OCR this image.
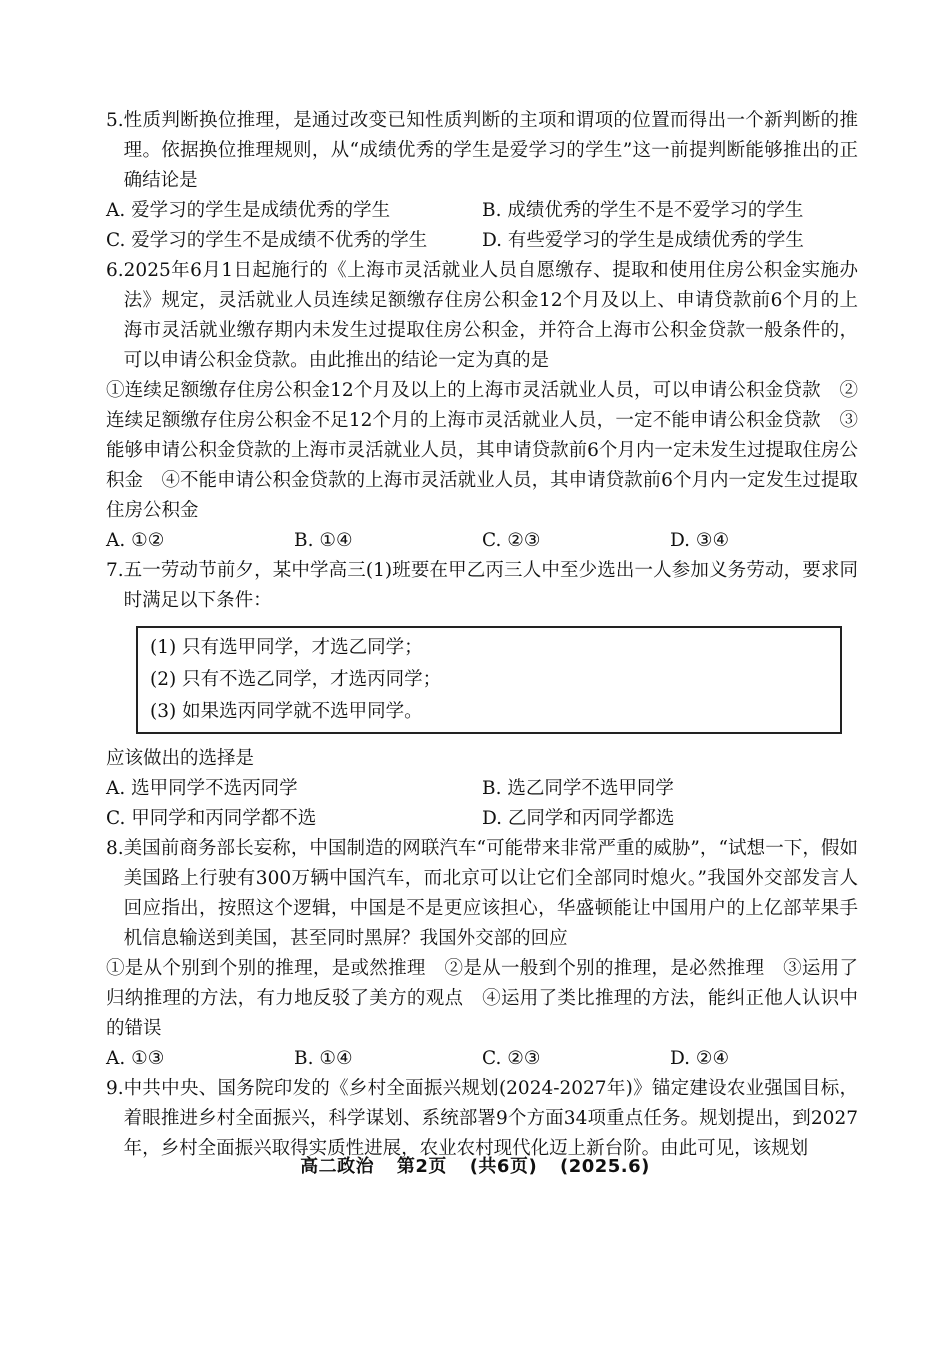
5. 性质判断换位推理，是通过改变已知性质判断的主项和谓项的位置而得出一个新判断的推理。依据换位推理规则，从“成绩优秀的学生是爱学习的学生”这一前提判断能够推出的正确结论是
A. 爱学习的学生是成绩优秀的学生	B. 成绩优秀的学生不是不爱学习的学生
C. 爱学习的学生不是成绩不优秀的学生	D. 有些爱学习的学生是成绩优秀的学生
6. 2025年6月1日起施行的《上海市灵活就业人员自愿缴存、提取和使用住房公积金实施办法》规定，灵活就业人员连续足额缴存住房公积金12个月及以上、申请贷款前6个月的上海市灵活就业缴存期内未发生过提取住房公积金，并符合上海市公积金贷款一般条件的，可以申请公积金贷款。由此推出的结论一定为真的是

①连续足额缴存住房公积金12个月及以上的上海市灵活就业人员，可以申请公积金贷款　②连续足额缴存住房公积金不足12个月的上海市灵活就业人员，一定不能申请公积金贷款　③能够申请公积金贷款的上海市灵活就业人员，其申请贷款前6个月内一定未发生过提取住房公积金　④不能申请公积金贷款的上海市灵活就业人员，其申请贷款前6个月内一定发生过提取住房公积金

A. ①②	B. ①④	C. ②③	D. ③④
7. 五一劳动节前夕，某中学高三(1)班要在甲乙丙三人中至少选出一人参加义务劳动，要求同时满足以下条件：
(1) 只有选甲同学，才选乙同学；
(2) 只有不选乙同学，才选丙同学；
(3) 如果选丙同学就不选甲同学。
应该做出的选择是
A. 选甲同学不选丙同学	B. 选乙同学不选甲同学
C. 甲同学和丙同学都不选	D. 乙同学和丙同学都选
8. 美国前商务部长妄称，中国制造的网联汽车“可能带来非常严重的威胁”，“试想一下，假如美国路上行驶有300万辆中国汽车，而北京可以让它们全部同时熄火。”我国外交部发言人回应指出，按照这个逻辑，中国是不是更应该担心，华盛顿能让中国用户的上亿部苹果手机信息输送到美国，甚至同时黑屏？我国外交部的回应

①是从个别到个别的推理，是或然推理　②是从一般到个别的推理，是必然推理　③运用了归纳推理的方法，有力地反驳了美方的观点　④运用了类比推理的方法，能纠正他人认识中的错误

A. ①③	B. ①④	C. ②③	D. ②④
9. 中共中央、国务院印发的《乡村全面振兴规划(2024-2027年)》锚定建设农业强国目标，着眼推进乡村全面振兴，科学谋划、系统部署9个方面34项重点任务。规划提出，到2027年，乡村全面振兴取得实质性进展，农业农村现代化迈上新台阶。由此可见，该规划
高二政治 第2页 (共6页) (2025.6)
